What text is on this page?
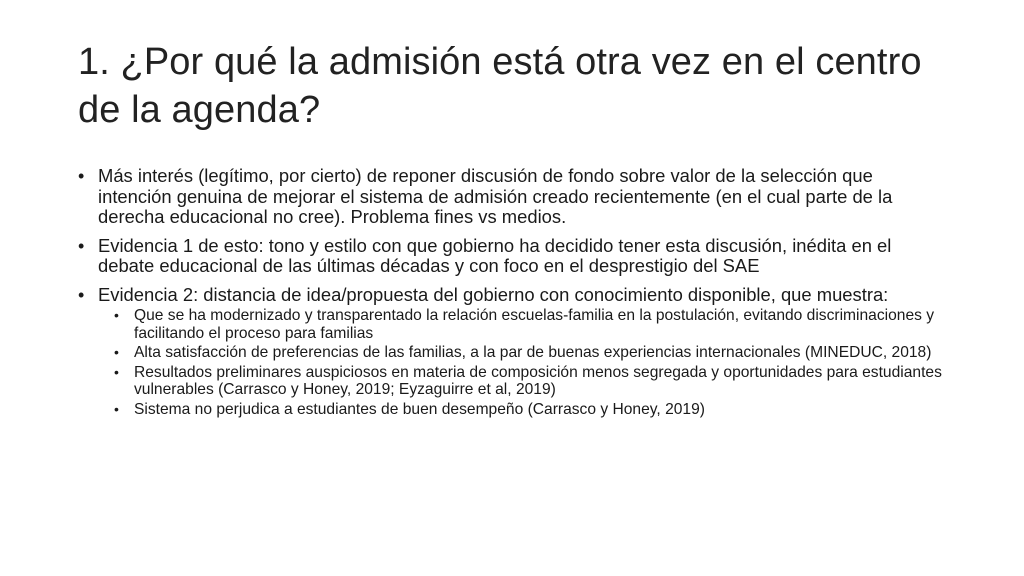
1. ¿Por qué la admisión está otra vez en el centro de la agenda?
• Más interés (legítimo, por cierto) de reponer discusión de fondo sobre valor de la selección que intención genuina de mejorar el sistema de admisión creado recientemente (en el cual parte de la derecha educacional no cree). Problema fines vs medios.
• Evidencia 1 de esto: tono y estilo con que gobierno ha decidido tener esta discusión, inédita en el debate educacional de las últimas décadas y con foco en el desprestigio del SAE
• Evidencia 2: distancia de idea/propuesta del gobierno con conocimiento disponible, que muestra:
• Que se ha modernizado y transparentado la relación escuelas-familia en la postulación, evitando discriminaciones y facilitando el proceso para familias
• Alta satisfacción de preferencias de las familias, a la par de buenas experiencias internacionales (MINEDUC, 2018)
• Resultados preliminares auspiciosos en materia de composición menos segregada y oportunidades para estudiantes vulnerables (Carrasco y Honey, 2019; Eyzaguirre et al, 2019)
• Sistema no perjudica a estudiantes de buen desempeño (Carrasco y Honey, 2019)
